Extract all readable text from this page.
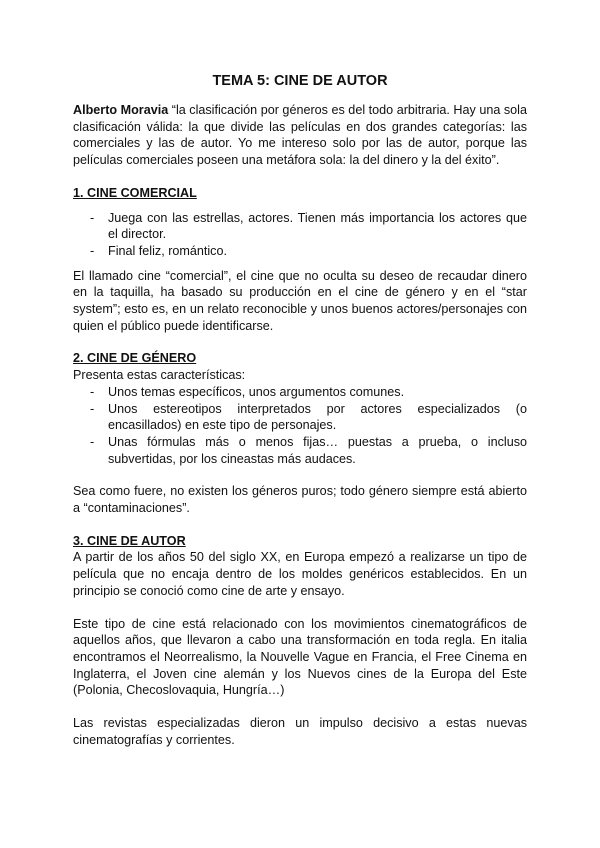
TEMA 5: CINE DE AUTOR

Alberto Moravia “la clasificación por géneros es del todo arbitraria. Hay una sola clasificación válida: la que divide las películas en dos grandes categorías: las comerciales y las de autor. Yo me intereso solo por las de autor, porque las películas comerciales poseen una metáfora sola: la del dinero y la del éxito”.

1. CINE COMERCIAL

- Juega con las estrellas, actores. Tienen más importancia los actores que el director.
- Final feliz, romántico.

El llamado cine “comercial”, el cine que no oculta su deseo de recaudar dinero en la taquilla, ha basado su producción en el cine de género y en el “star system”; esto es, en un relato reconocible y unos buenos actores/personajes con quien el público puede identificarse.

2. CINE DE GÉNERO

Presenta estas características:

- Unos temas específicos, unos argumentos comunes.
- Unos estereotipos interpretados por actores especializados (o encasillados) en este tipo de personajes.
- Unas fórmulas más o menos fijas… puestas a prueba, o incluso subvertidas, por los cineastas más audaces.

Sea como fuere, no existen los géneros puros; todo género siempre está abierto a “contaminaciones”.

3. CINE DE AUTOR

A partir de los años 50 del siglo XX, en Europa empezó a realizarse un tipo de película que no encaja dentro de los moldes genéricos establecidos. En un principio se conoció como cine de arte y ensayo.

Este tipo de cine está relacionado con los movimientos cinematográficos de aquellos años, que llevaron a cabo una transformación en toda regla. En italia encontramos el Neorrealismo, la Nouvelle Vague en Francia, el Free Cinema en Inglaterra, el Joven cine alemán y los Nuevos cines de la Europa del Este (Polonia, Checoslovaquia, Hungría…)

Las revistas especializadas dieron un impulso decisivo a estas nuevas cinematografías y corrientes.
